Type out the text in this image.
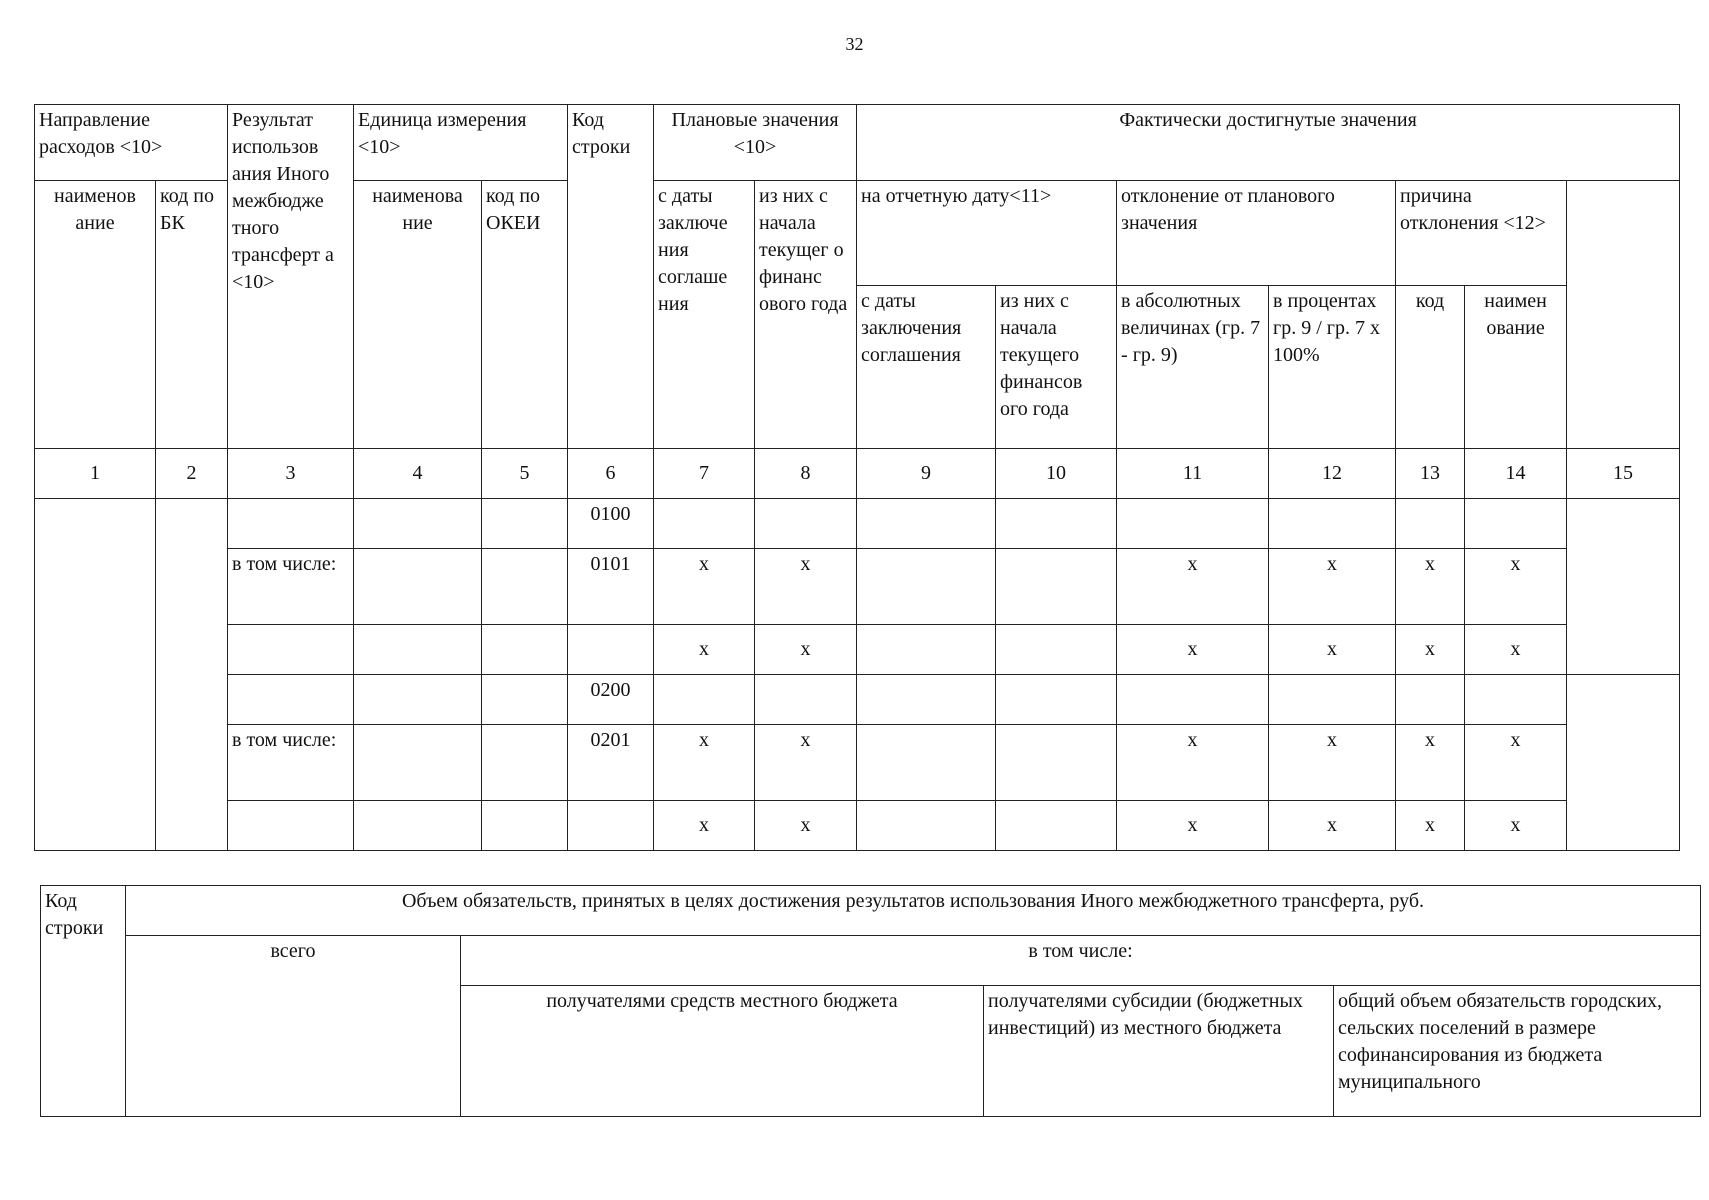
32
Направление расходов <10>		Результат использов ания Иного межбюдже тного трансферт а <10>	Единица измерения <10>		Код строки	Плановые значения <10>		Фактически достигнутые значения	
наименов ание	код по БК		наименова ние	код по ОКЕИ		с даты заключе ния соглаше ния	из них с начала текущег о финанс ового года	на отчетную дату<11>		отклонение от планового значения		причина отклонения <12>			
								с даты заключения соглашения	из них с начала текущего финансов ого года	в абсолютных величинах (гр. 7 - гр. 9)	в процентах гр. 9 / гр. 7 х 100%	код	наимен ование		
1	2	3	4	5	6	7	8	9	10	11	12	13	14	15	
					0100										
		в том числе:			0101	х	х			х	х	х	х		
						х	х			х	х	х	х		
					0200										
		в том числе:			0201	х	х			х	х	х	х		
						х	х			х	х	х	х		
Код строки	Объем обязательств, принятых в целях достижения результатов использования Иного межбюджетного трансферта, руб.			
	всего	в том числе:		
		получателями средств местного бюджета	получателями субсидии (бюджетных инвестиций) из местного бюджета	общий объем обязательств городских, сельских поселений в размере софинансирования из бюджета муниципального
